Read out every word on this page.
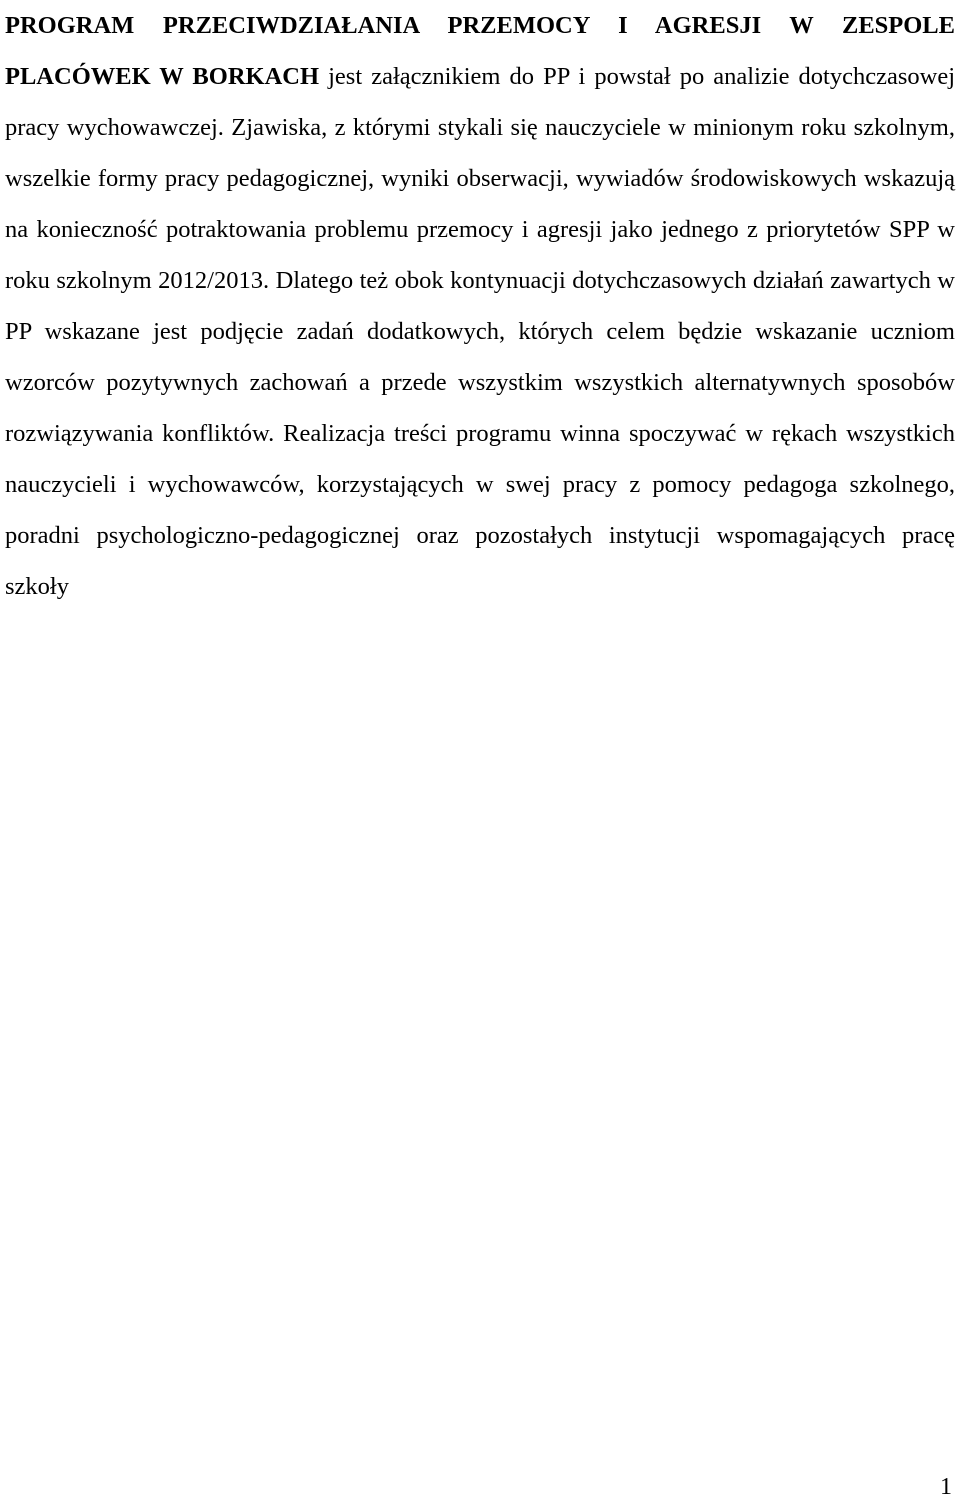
PROGRAM PRZECIWDZIAŁANIA PRZEMOCY I AGRESJI W ZESPOLE PLACÓWEK W BORKACH jest załącznikiem do PP i powstał po analizie dotychczasowej pracy wychowawczej. Zjawiska, z którymi stykali się nauczyciele w minionym roku szkolnym, wszelkie formy pracy pedagogicznej, wyniki obserwacji, wywiadów środowiskowych wskazują na konieczność potraktowania problemu przemocy i agresji jako jednego z priorytetów SPP w roku szkolnym 2012/2013. Dlatego też obok kontynuacji dotychczasowych działań zawartych w PP wskazane jest podjęcie zadań dodatkowych, których celem będzie wskazanie uczniom wzorców pozytywnych zachowań a przede wszystkim wszystkich alternatywnych sposobów rozwiązywania konfliktów. Realizacja treści programu winna spoczywać w rękach wszystkich nauczycieli i wychowawców, korzystających w swej pracy z pomocy pedagoga szkolnego, poradni psychologiczno-pedagogicznej oraz pozostałych instytucji wspomagających pracę szkoły

1
